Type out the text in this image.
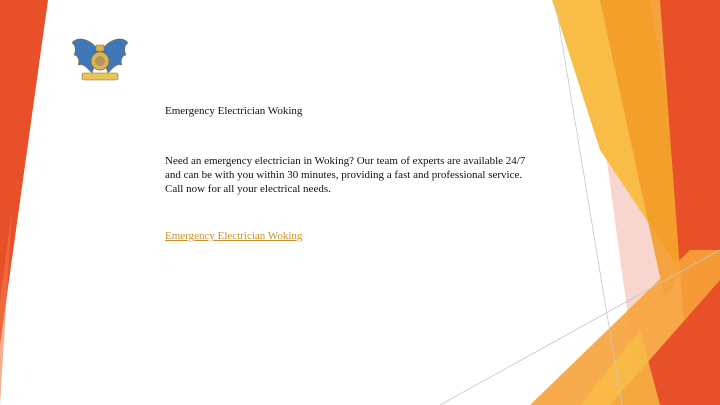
Emergency Electrician Woking
Need an emergency electrician in Woking? Our team of experts are available 24/7 and can be with you within 30 minutes, providing a fast and professional service. Call now for all your electrical needs.
Emergency Electrician Woking
